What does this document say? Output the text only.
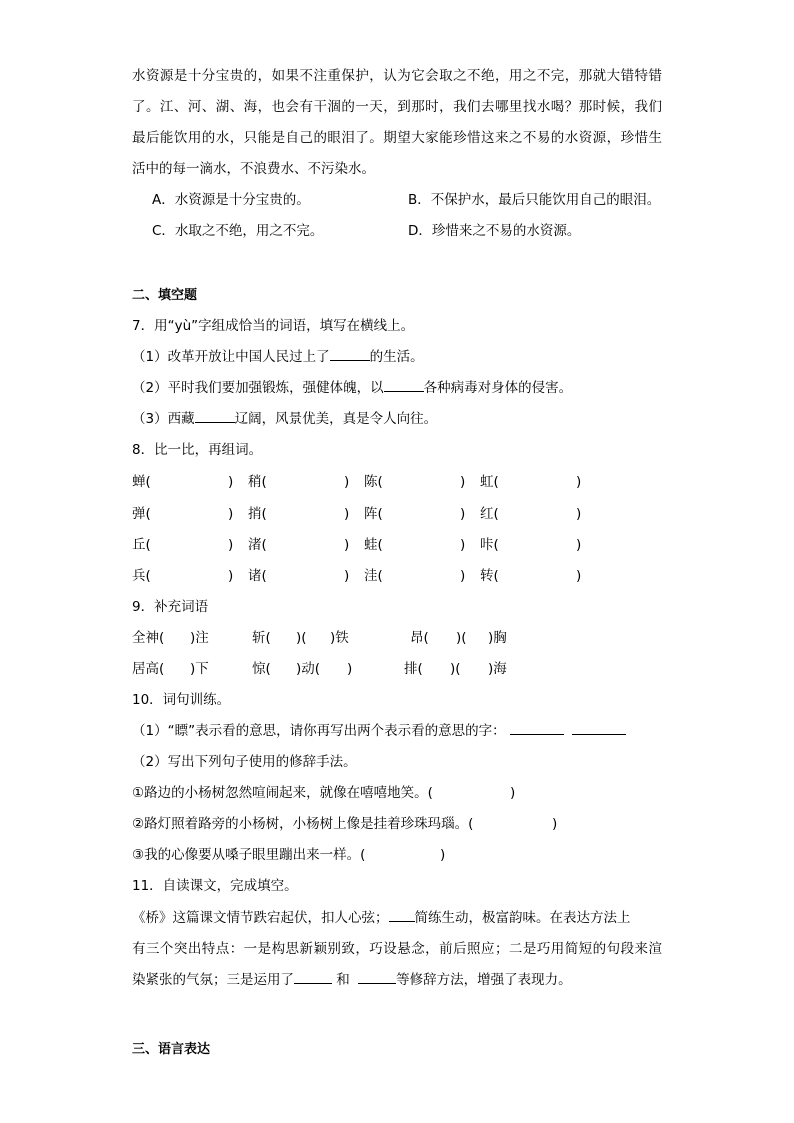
水资源是十分宝贵的，如果不注重保护，认为它会取之不绝，用之不完，那就大错特错
了。江、河、湖、海，也会有干涸的一天，到那时，我们去哪里找水喝？那时候，我们
最后能饮用的水，只能是自己的眼泪了。期望大家能珍惜这来之不易的水资源，珍惜生
活中的每一滴水，不浪费水、不污染水。
A．水资源是十分宝贵的。	B．不保护水，最后只能饮用自己的眼泪。
C．水取之不绝，用之不完。	D．珍惜来之不易的水资源。
二、填空题
7．用“yù”字组成恰当的词语，填写在横线上。
（1）改革开放让中国人民过上了	的生活。
（2）平时我们要加强锻炼，强健体魄，以	各种病毒对身体的侵害。
（3）西藏	辽阔，风景优美，真是令人向往。
8．比一比，再组词。
蝉(	) 稍(	) 陈(	) 虹(	)
弹(	) 捎(	) 阵(	) 红(	)
丘(	) 渚(	) 蛙(	) 咔(	)
兵(	) 诸(	) 洼(	) 转(	)
9．补充词语
全神( )注	斩( )( )铁	昂( )( )胸
居高( )下	惊( )动( )	排( )( )海
10．词句训练。
（1）“瞟”表示看的意思，请你再写出两个表示看的意思的字：
（2）写出下列句子使用的修辞手法。
①路边的小杨树忽然喧闹起来，就像在嘻嘻地笑。(	)
②路灯照着路旁的小杨树，小杨树上像是挂着珍珠玛瑙。(	)
③我的心像要从嗓子眼里蹦出来一样。(	)
11．自读课文，完成填空。
《桥》这篇课文情节跌宕起伏，扣人心弦； 简练生动，极富韵味。在表达方法上
有三个突出特点：一是构思新颖别致，巧设悬念，前后照应；二是巧用简短的句段来渲
染紧张的气氛；三是运用了	和	等修辞方法，增强了表现力。
三、语言表达
